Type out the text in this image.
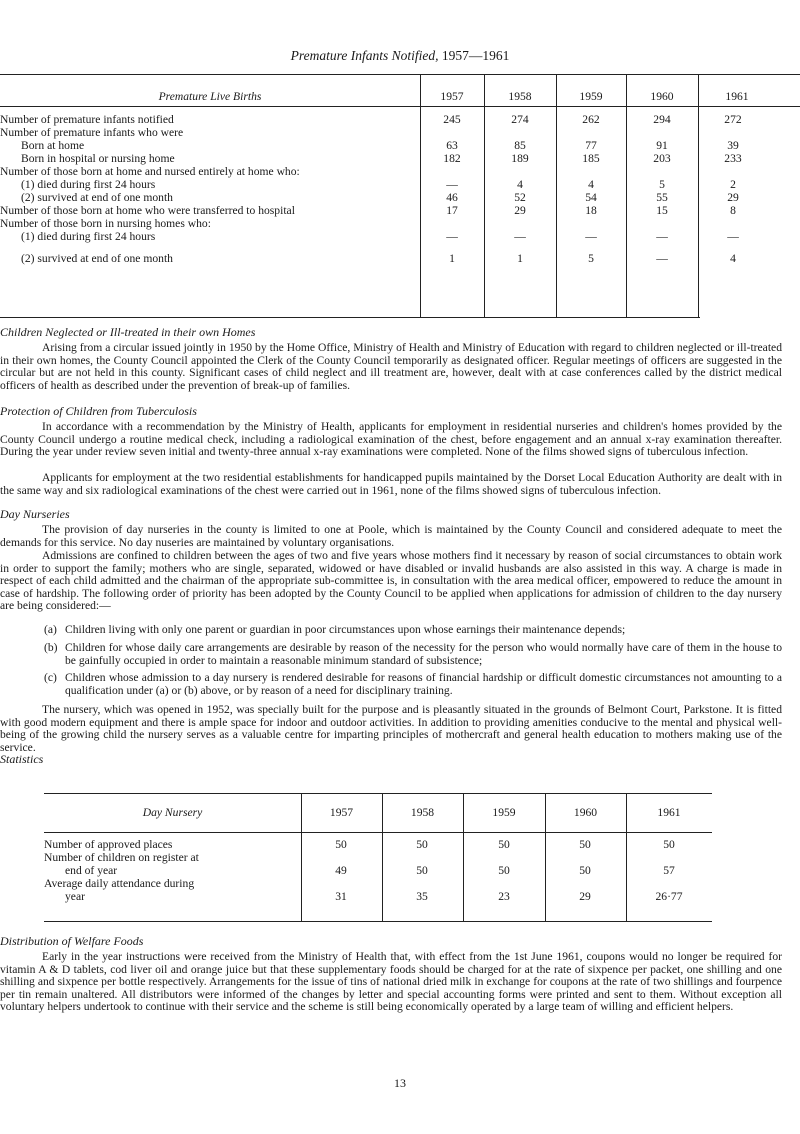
Premature Infants Notified, 1957—1961
Premature Live Births	1957	1958	1959	1960	1961
Number of premature infants notified	245	274	262	294	272
Number of premature infants who were
Born at home	63	85	77	91	39
Born in hospital or nursing home	182	189	185	203	233
Number of those born at home and nursed entirely at home who:
(1) died during first 24 hours	—	4	4	5	2
(2) survived at end of one month	46	52	54	55	29
Number of those born at home who were transferred to hospital	17	29	18	15	8
Number of those born in nursing homes who:
(1) died during first 24 hours	—	—	—	—	—
(2) survived at end of one month	1	1	5	—	4
Children Neglected or Ill-treated in their own Homes
Arising from a circular issued jointly in 1950 by the Home Office, Ministry of Health and Ministry of Education with regard to children neglected or ill-treated in their own homes, the County Council appointed the Clerk of the County Council temporarily as designated officer. Regular meetings of officers are suggested in the circular but are not held in this county. Significant cases of child neglect and ill treatment are, however, dealt with at case conferences called by the district medical officers of health as described under the prevention of break-up of families.
Protection of Children from Tuberculosis
In accordance with a recommendation by the Ministry of Health, applicants for employment in residential nurseries and children's homes provided by the County Council undergo a routine medical check, including a radiological examination of the chest, before engagement and an annual x-ray examination thereafter. During the year under review seven initial and twenty-three annual x-ray examinations were completed. None of the films showed signs of tuberculous infection.
Applicants for employment at the two residential establishments for handicapped pupils maintained by the Dorset Local Education Authority are dealt with in the same way and six radiological examinations of the chest were carried out in 1961, none of the films showed signs of tuberculous infection.
Day Nurseries
The provision of day nurseries in the county is limited to one at Poole, which is maintained by the County Council and considered adequate to meet the demands for this service. No day nuseries are maintained by voluntary organisations.
Admissions are confined to children between the ages of two and five years whose mothers find it necessary by reason of social circumstances to obtain work in order to support the family; mothers who are single, separated, widowed or have disabled or invalid husbands are also assisted in this way. A charge is made in respect of each child admitted and the chairman of the appropriate sub-committee is, in consultation with the area medical officer, empowered to reduce the amount in case of hardship. The following order of priority has been adopted by the County Council to be applied when applications for admission of children to the day nursery are being considered:—
(a) Children living with only one parent or guardian in poor circumstances upon whose earnings their maintenance depends;
(b) Children for whose daily care arrangements are desirable by reason of the necessity for the person who would normally have care of them in the house to be gainfully occupied in order to maintain a reasonable minimum standard of subsistence;
(c) Children whose admission to a day nursery is rendered desirable for reasons of financial hardship or difficult domestic circumstances not amounting to a qualification under (a) or (b) above, or by reason of a need for disciplinary training.
The nursery, which was opened in 1952, was specially built for the purpose and is pleasantly situated in the grounds of Belmont Court, Parkstone. It is fitted with good modern equipment and there is ample space for indoor and outdoor activities. In addition to providing amenities conducive to the mental and physical well-being of the growing child the nursery serves as a valuable centre for imparting principles of mothercraft and general health education to mothers making use of the service.
Statistics
Day Nursery	1957	1958	1959	1960	1961
Number of approved places	50	50	50	50	50
Number of children on register at
end of year	49	50	50	50	57
Average daily attendance during
year	31	35	23	29	26·77
Distribution of Welfare Foods
Early in the year instructions were received from the Ministry of Health that, with effect from the 1st June 1961, coupons would no longer be required for vitamin A & D tablets, cod liver oil and orange juice but that these supplementary foods should be charged for at the rate of sixpence per packet, one shilling and one shilling and sixpence per bottle respectively. Arrangements for the issue of tins of national dried milk in exchange for coupons at the rate of two shillings and fourpence per tin remain unaltered. All distributors were informed of the changes by letter and special accounting forms were printed and sent to them. Without exception all voluntary helpers undertook to continue with their service and the scheme is still being economically operated by a large team of willing and efficient helpers.
13
